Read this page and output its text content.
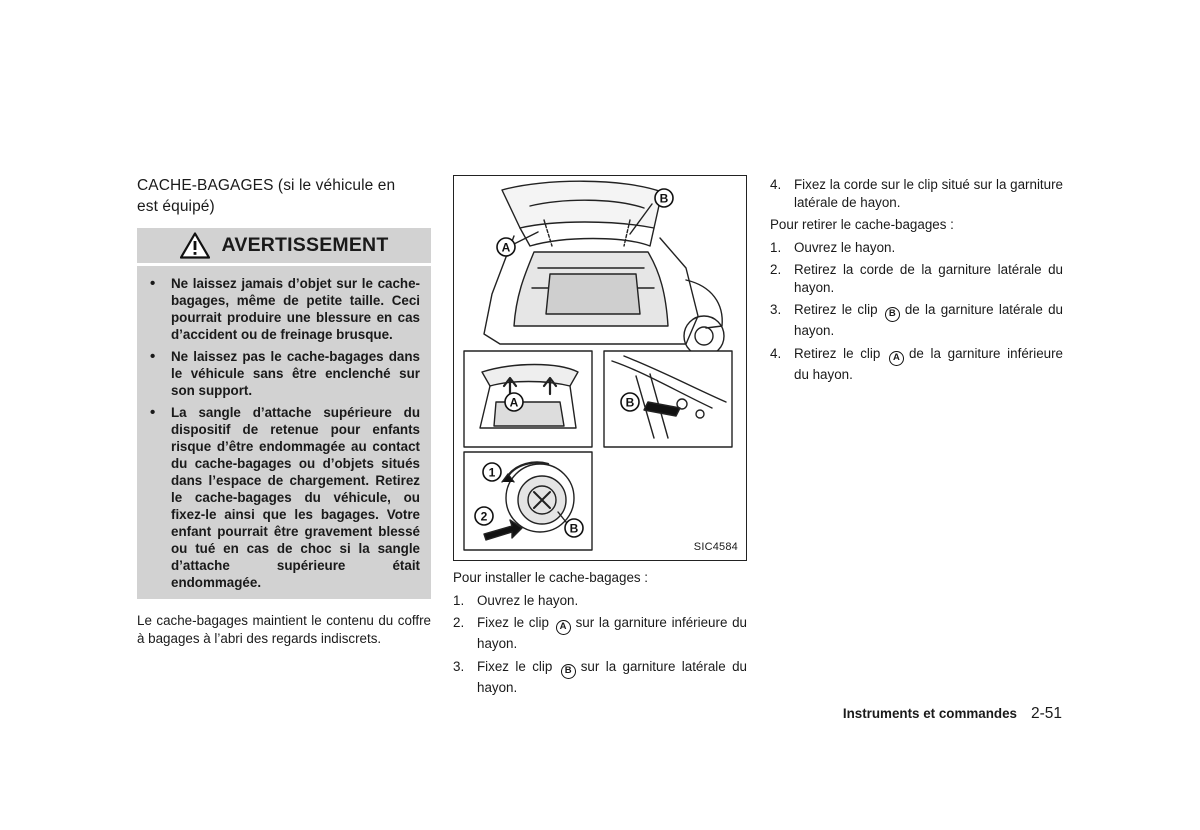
CACHE-BAGAGES (si le véhicule en
est équipé)
AVERTISSEMENT
•	Ne laissez jamais d’objet sur le cache-bagages, même de petite taille. Ceci pourrait produire une blessure en cas d’accident ou de freinage brusque.
•	Ne laissez pas le cache-bagages dans le véhicule sans être enclenché sur son support.
•	La sangle d’attache supérieure du dispositif de retenue pour enfants risque d’être endommagée au contact du cache-bagages ou d’objets situés dans l’espace de chargement. Retirez le cache-bagages du véhicule, ou fixez-le ainsi que les bagages. Votre enfant pourrait être gravement blessé ou tué en cas de choc si la sangle d’attache supérieure était endommagée.

Le cache-bagages maintient le contenu du coffre à bagages à l’abri des regards indiscrets.

A
B
A	B
1
2
B
SIC4584

Pour installer le cache-bagages :

1. Ouvrez le hayon.
2. Fixez le clip A sur la garniture inférieure du hayon.
3. Fixez le clip B sur la garniture latérale du hayon.
4. Fixez la corde sur le clip situé sur la garniture latérale de hayon.

Pour retirer le cache-bagages :

1. Ouvrez le hayon.
2. Retirez la corde de la garniture latérale du hayon.
3. Retirez le clip B de la garniture latérale du hayon.
4. Retirez le clip A de la garniture inférieure du hayon.
Instruments et commandes 2-51
